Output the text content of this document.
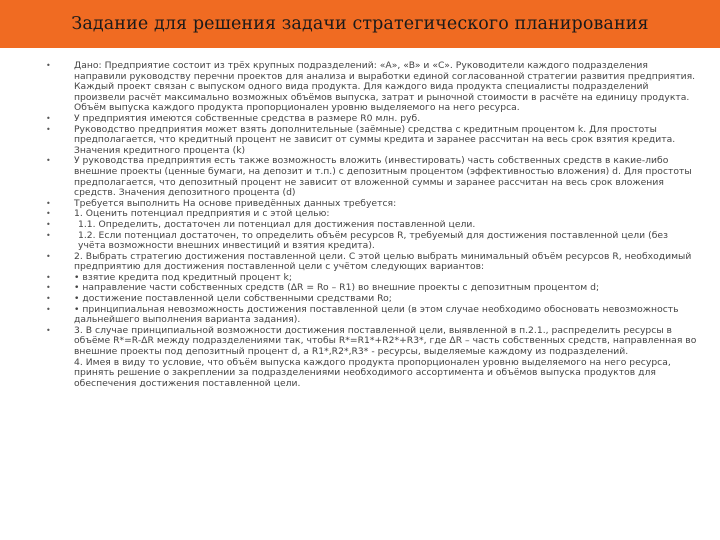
Задание для решения задачи стратегического планирования
•	Дано: Предприятие состоит из трёх крупных подразделений: «A», «B» и «C». Руководители каждого подразделения направили руководству перечни проектов для анализа и выработки единой согласованной стратегии развития предприятия. Каждый проект связан с выпуском одного вида продукта. Для каждого вида продукта специалисты подразделений произвели расчёт максимально возможных объёмов выпуска, затрат и рыночной стоимости в расчёте на единицу продукта. Объём выпуска каждого продукта пропорционален уровню выделяемого на него ресурса.
•	У предприятия имеются собственные средства в размере R0 млн. руб.
•	Руководство предприятия может взять дополнительные (заёмные) средства с кредитным процентом k. Для простоты предполагается, что кредитный процент не зависит от суммы кредита и заранее рассчитан на весь срок взятия кредита. Значения кредитного процента (k)
•	У руководства предприятия есть также возможность вложить (инвестировать) часть собственных средств в какие-либо внешние проекты (ценные бумаги, на депозит и т.п.) с депозитным процентом (эффективностью вложения) d. Для простоты предполагается, что депозитный процент не зависит от вложенной суммы и заранее рассчитан на весь срок вложения средств. Значения депозитного процента (d)
•	Требуется выполнить На основе приведённых данных требуется:
•	1. Оценить потенциал предприятия и с этой целью:
•	1.1. Определить, достаточен ли потенциал для достижения поставленной цели.
•	1.2. Если потенциал достаточен, то определить объём ресурсов R, требуемый для достижения поставленной цели (без учёта возможности внешних инвестиций и взятия кредита).
•	2. Выбрать стратегию достижения поставленной цели. С этой целью выбрать минимальный объём ресурсов R, необходимый предприятию для достижения поставленной цели с учётом следующих вариантов:
•	• взятие кредита под кредитный процент k;
•	• направление части собственных средств (ΔR = Ro – R1) во внешние проекты с депозитным процентом d;
•	• достижение поставленной цели собственными средствами Ro;
•	• принципиальная невозможность достижения поставленной цели (в этом случае необходимо обосновать невозможность дальнейшего выполнения варианта задания).
•	3. В случае принципиальной возможности достижения поставленной цели, выявленной в п.2.1., распределить ресурсы в объёме R*=R-ΔR между подразделениями так, чтобы R*=R1*+R2*+R3*, где ΔR – часть собственных средств, направленная во внешние проекты под депозитный процент d, а R1*,R2*,R3* - ресурсы, выделяемые каждому из подразделений.
4. Имея в виду то условие, что объём выпуска каждого продукта пропорционален уровню выделяемого на него ресурса, принять решение о закреплении за подразделениями необходимого ассортимента и объёмов выпуска продуктов для обеспечения достижения поставленной цели.
